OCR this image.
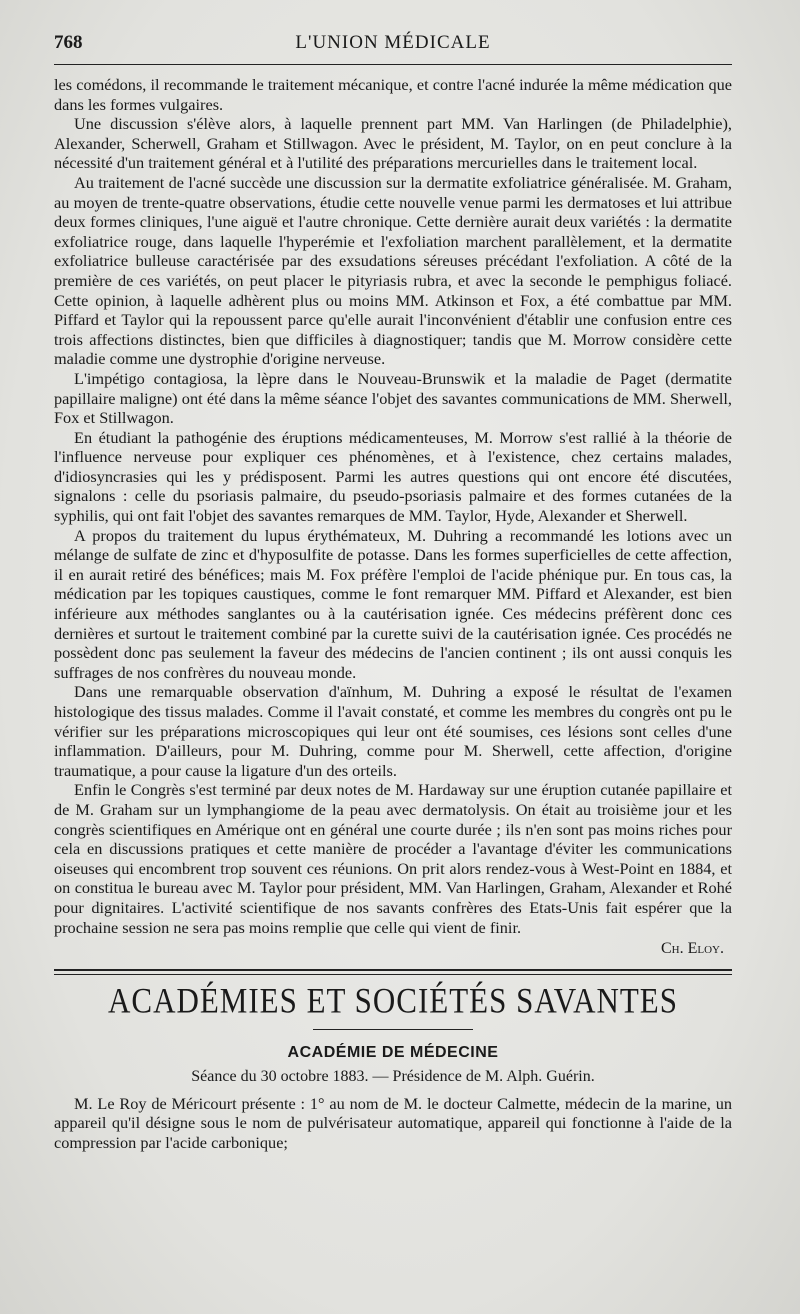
768	L'UNION MÉDICALE

les comédons, il recommande le traitement mécanique, et contre l'acné indurée la même médication que dans les formes vulgaires.

Une discussion s'élève alors, à laquelle prennent part MM. Van Harlingen (de Philadelphie), Alexander, Scherwell, Graham et Stillwagon. Avec le président, M. Taylor, on en peut conclure à la nécessité d'un traitement général et à l'utilité des préparations mercurielles dans le traitement local.

Au traitement de l'acné succède une discussion sur la dermatite exfoliatrice généralisée. M. Graham, au moyen de trente-quatre observations, étudie cette nouvelle venue parmi les dermatoses et lui attribue deux formes cliniques, l'une aiguë et l'autre chronique. Cette dernière aurait deux variétés : la dermatite exfoliatrice rouge, dans laquelle l'hyperémie et l'exfoliation marchent parallèlement, et la dermatite exfoliatrice bulleuse caractérisée par des exsudations séreuses précédant l'exfoliation. A côté de la première de ces variétés, on peut placer le pityriasis rubra, et avec la seconde le pemphigus foliacé. Cette opinion, à laquelle adhèrent plus ou moins MM. Atkinson et Fox, a été combattue par MM. Piffard et Taylor qui la repoussent parce qu'elle aurait l'inconvénient d'établir une confusion entre ces trois affections distinctes, bien que difficiles à diagnostiquer; tandis que M. Morrow considère cette maladie comme une dystrophie d'origine nerveuse.

L'impétigo contagiosa, la lèpre dans le Nouveau-Brunswik et la maladie de Paget (dermatite papillaire maligne) ont été dans la même séance l'objet des savantes communications de MM. Sherwell, Fox et Stillwagon.

En étudiant la pathogénie des éruptions médicamenteuses, M. Morrow s'est rallié à la théorie de l'influence nerveuse pour expliquer ces phénomènes, et à l'existence, chez certains malades, d'idiosyncrasies qui les y prédisposent. Parmi les autres questions qui ont encore été discutées, signalons : celle du psoriasis palmaire, du pseudo-psoriasis palmaire et des formes cutanées de la syphilis, qui ont fait l'objet des savantes remarques de MM. Taylor, Hyde, Alexander et Sherwell.

A propos du traitement du lupus érythémateux, M. Duhring a recommandé les lotions avec un mélange de sulfate de zinc et d'hyposulfite de potasse. Dans les formes superficielles de cette affection, il en aurait retiré des bénéfices; mais M. Fox préfère l'emploi de l'acide phénique pur. En tous cas, la médication par les topiques caustiques, comme le font remarquer MM. Piffard et Alexander, est bien inférieure aux méthodes sanglantes ou à la cautérisation ignée. Ces médecins préfèrent donc ces dernières et surtout le traitement combiné par la curette suivi de la cautérisation ignée. Ces procédés ne possèdent donc pas seulement la faveur des médecins de l'ancien continent ; ils ont aussi conquis les suffrages de nos confrères du nouveau monde.

Dans une remarquable observation d'aïnhum, M. Duhring a exposé le résultat de l'examen histologique des tissus malades. Comme il l'avait constaté, et comme les membres du congrès ont pu le vérifier sur les préparations microscopiques qui leur ont été soumises, ces lésions sont celles d'une inflammation. D'ailleurs, pour M. Duhring, comme pour M. Sherwell, cette affection, d'origine traumatique, a pour cause la ligature d'un des orteils.

Enfin le Congrès s'est terminé par deux notes de M. Hardaway sur une éruption cutanée papillaire et de M. Graham sur un lymphangiome de la peau avec dermatolysis. On était au troisième jour et les congrès scientifiques en Amérique ont en général une courte durée ; ils n'en sont pas moins riches pour cela en discussions pratiques et cette manière de procéder a l'avantage d'éviter les communications oiseuses qui encombrent trop souvent ces réunions. On prit alors rendez-vous à West-Point en 1884, et on constitua le bureau avec M. Taylor pour président, MM. Van Harlingen, Graham, Alexander et Rohé pour dignitaires. L'activité scientifique de nos savants confrères des Etats-Unis fait espérer que la prochaine session ne sera pas moins remplie que celle qui vient de finir.

Ch. Eloy.
ACADÉMIES ET SOCIÉTÉS SAVANTES
ACADÉMIE DE MÉDECINE
Séance du 30 octobre 1883. — Présidence de M. Alph. Guérin.

M. Le Roy de Méricourt présente : 1° au nom de M. le docteur Calmette, médecin de la marine, un appareil qu'il désigne sous le nom de pulvérisateur automatique, appareil qui fonctionne à l'aide de la compression par l'acide carbonique;
